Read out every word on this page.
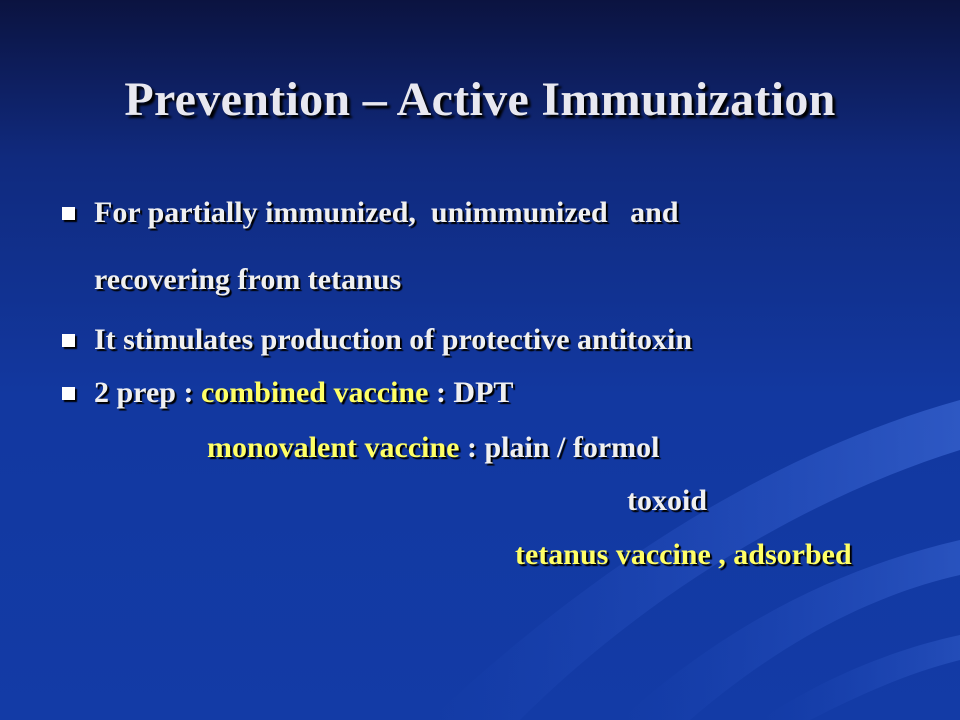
Prevention – Active Immunization
For partially immunized,  unimmunized   and
recovering from tetanus
It stimulates production of protective antitoxin
2 prep : combined vaccine : DPT
monovalent vaccine : plain / formol
toxoid
tetanus vaccine , adsorbed
